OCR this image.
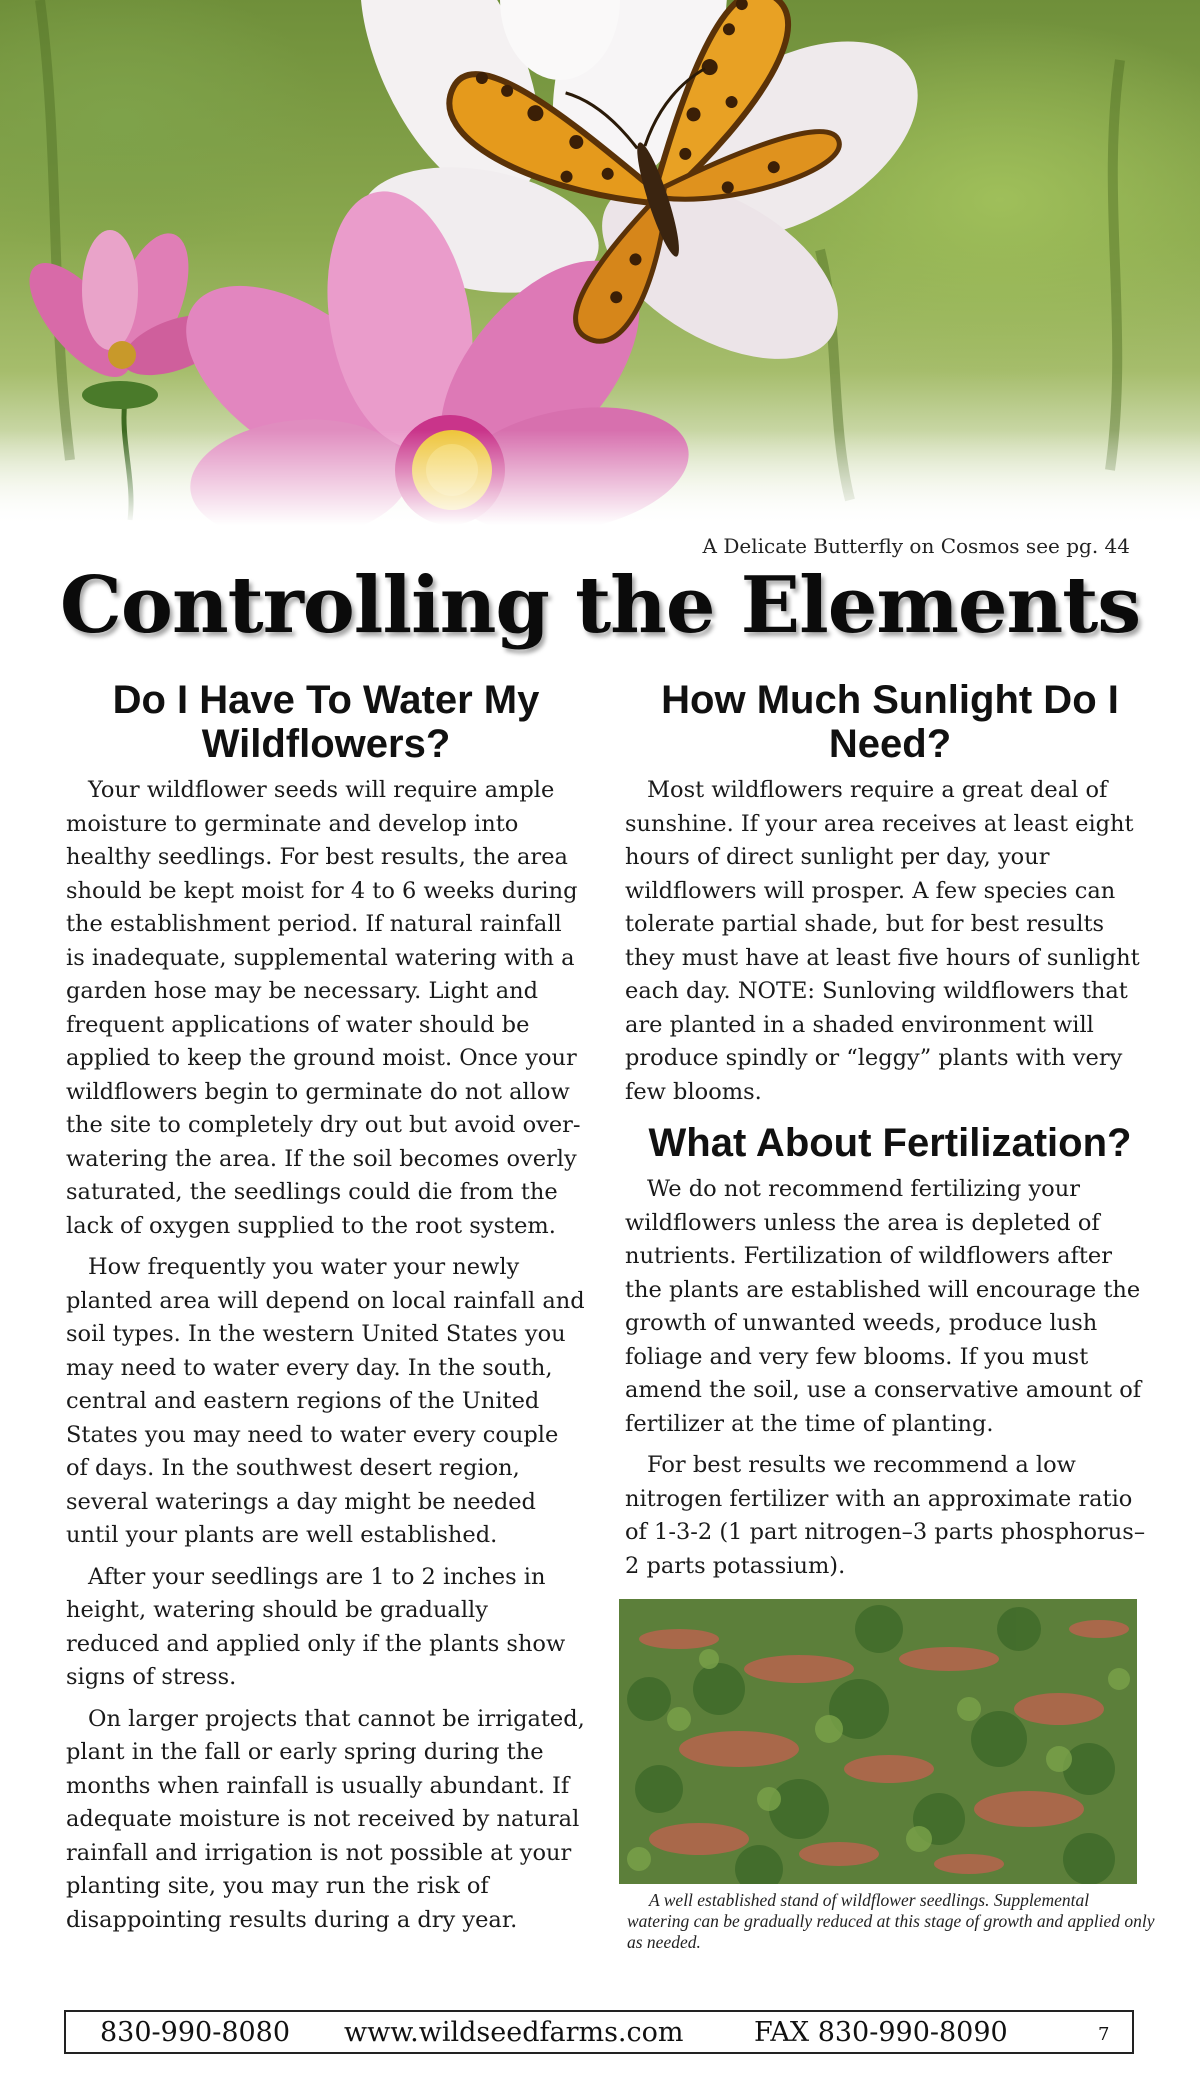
A Delicate Butterfly on Cosmos see pg. 44
Controlling the Elements
Do I Have To Water My Wildflowers?

Your wildflower seeds will require ample moisture to germinate and develop into healthy seedlings. For best results, the area should be kept moist for 4 to 6 weeks during the establishment period. If natural rainfall is inadequate, supplemental watering with a garden hose may be necessary. Light and frequent applications of water should be applied to keep the ground moist. Once your wildflowers begin to germinate do not allow the site to completely dry out but avoid over-watering the area. If the soil becomes overly saturated, the seedlings could die from the lack of oxygen supplied to the root system.

How frequently you water your newly planted area will depend on local rainfall and soil types. In the western United States you may need to water every day. In the south, central and eastern regions of the United States you may need to water every couple of days. In the southwest desert region, several waterings a day might be needed until your plants are well established.

After your seedlings are 1 to 2 inches in height, watering should be gradually reduced and applied only if the plants show signs of stress.

On larger projects that cannot be irrigated, plant in the fall or early spring during the months when rainfall is usually abundant. If adequate moisture is not received by natural rainfall and irrigation is not possible at your planting site, you may run the risk of disappointing results during a dry year.

How Much Sunlight Do I Need?

Most wildflowers require a great deal of sunshine. If your area receives at least eight hours of direct sunlight per day, your wildflowers will prosper. A few species can tolerate partial shade, but for best results they must have at least five hours of sunlight each day. NOTE: Sunloving wildflowers that are planted in a shaded environment will produce spindly or “leggy” plants with very few blooms.

What About Fertilization?

We do not recommend fertilizing your wildflowers unless the area is depleted of nutrients. Fertilization of wildflowers after the plants are established will encourage the growth of unwanted weeds, produce lush foliage and very few blooms. If you must amend the soil, use a conservative amount of fertilizer at the time of planting.

For best results we recommend a low nitrogen fertilizer with an approximate ratio of 1-3-2 (1 part nitrogen–3 parts phosphorus–2 parts potassium).

A well established stand of wildflower seedlings. Supplemental watering can be gradually reduced at this stage of growth and applied only as needed.

830-990-8080 www.wildseedfarms.com	FAX 830-990-8090	7
